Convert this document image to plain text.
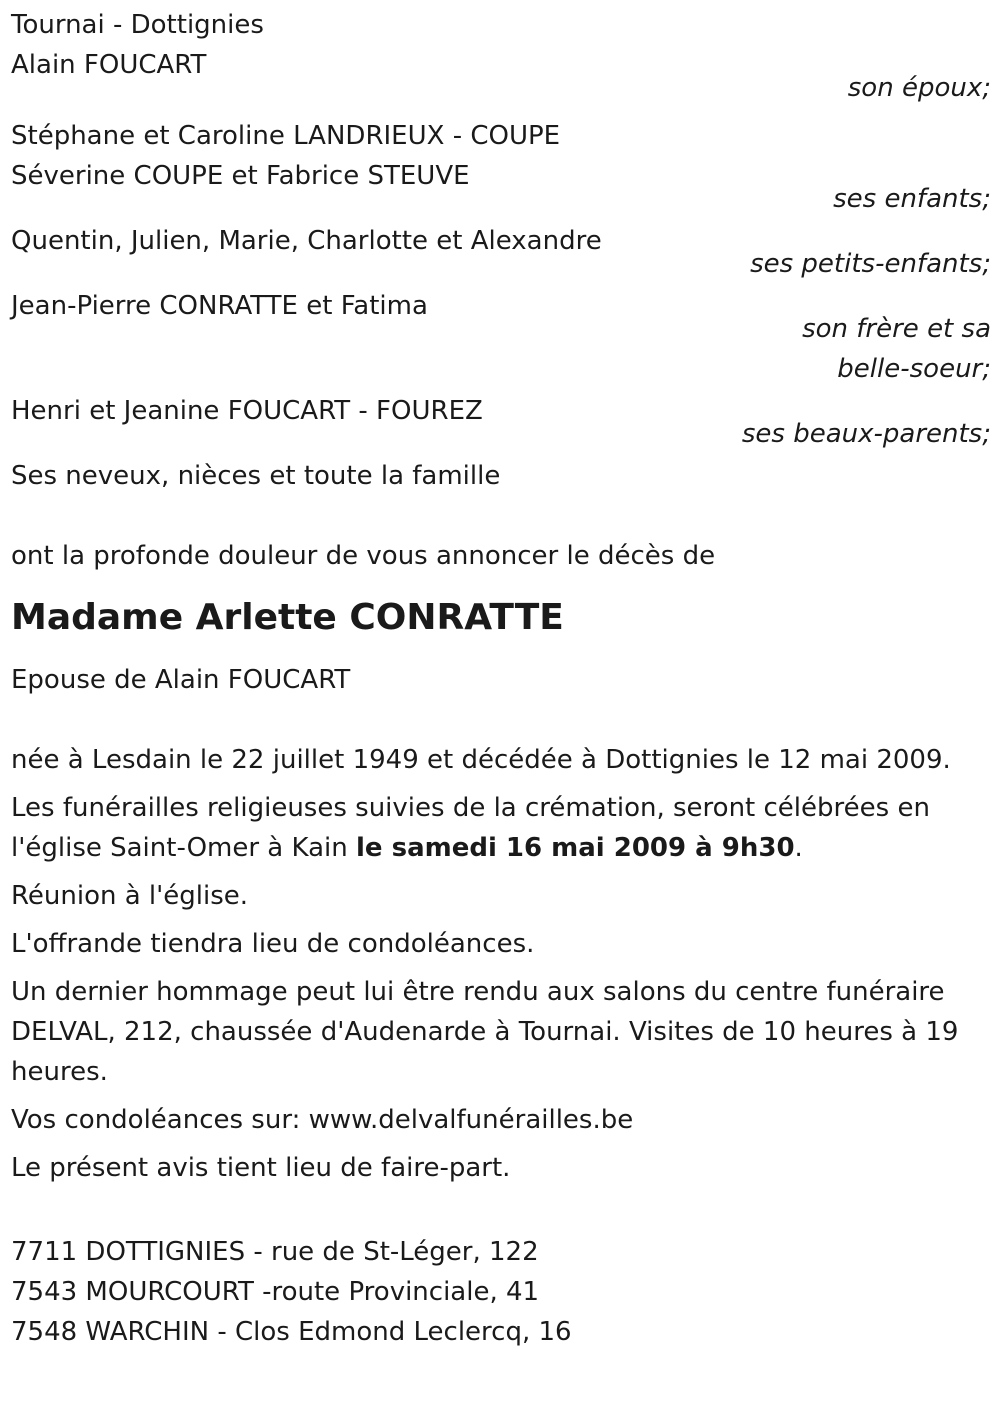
Tournai - Dottignies
Alain FOUCART
son époux;
Stéphane et Caroline LANDRIEUX - COUPE
Séverine COUPE et Fabrice STEUVE
ses enfants;
Quentin, Julien, Marie, Charlotte et Alexandre
ses petits-enfants;
Jean-Pierre CONRATTE et Fatima
son frère et sa
belle-soeur;
Henri et Jeanine FOUCART - FOUREZ
ses beaux-parents;
Ses neveux, nièces et toute la famille
ont la profonde douleur de vous annoncer le décès de
Madame Arlette CONRATTE
Epouse de Alain FOUCART
née à Lesdain le 22 juillet 1949 et décédée à Dottignies le 12 mai 2009.
Les funérailles religieuses suivies de la crémation, seront célébrées en l'église Saint-Omer à Kain le samedi 16 mai 2009 à 9h30.
Réunion à l'église.
L'offrande tiendra lieu de condoléances.
Un dernier hommage peut lui être rendu aux salons du centre funéraire DELVAL, 212, chaussée d'Audenarde à Tournai. Visites de 10 heures à 19 heures.
Vos condoléances sur: www.delvalfunérailles.be
Le présent avis tient lieu de faire-part.
7711 DOTTIGNIES - rue de St-Léger, 122
7543 MOURCOURT -route Provinciale, 41
7548 WARCHIN - Clos Edmond Leclercq, 16
